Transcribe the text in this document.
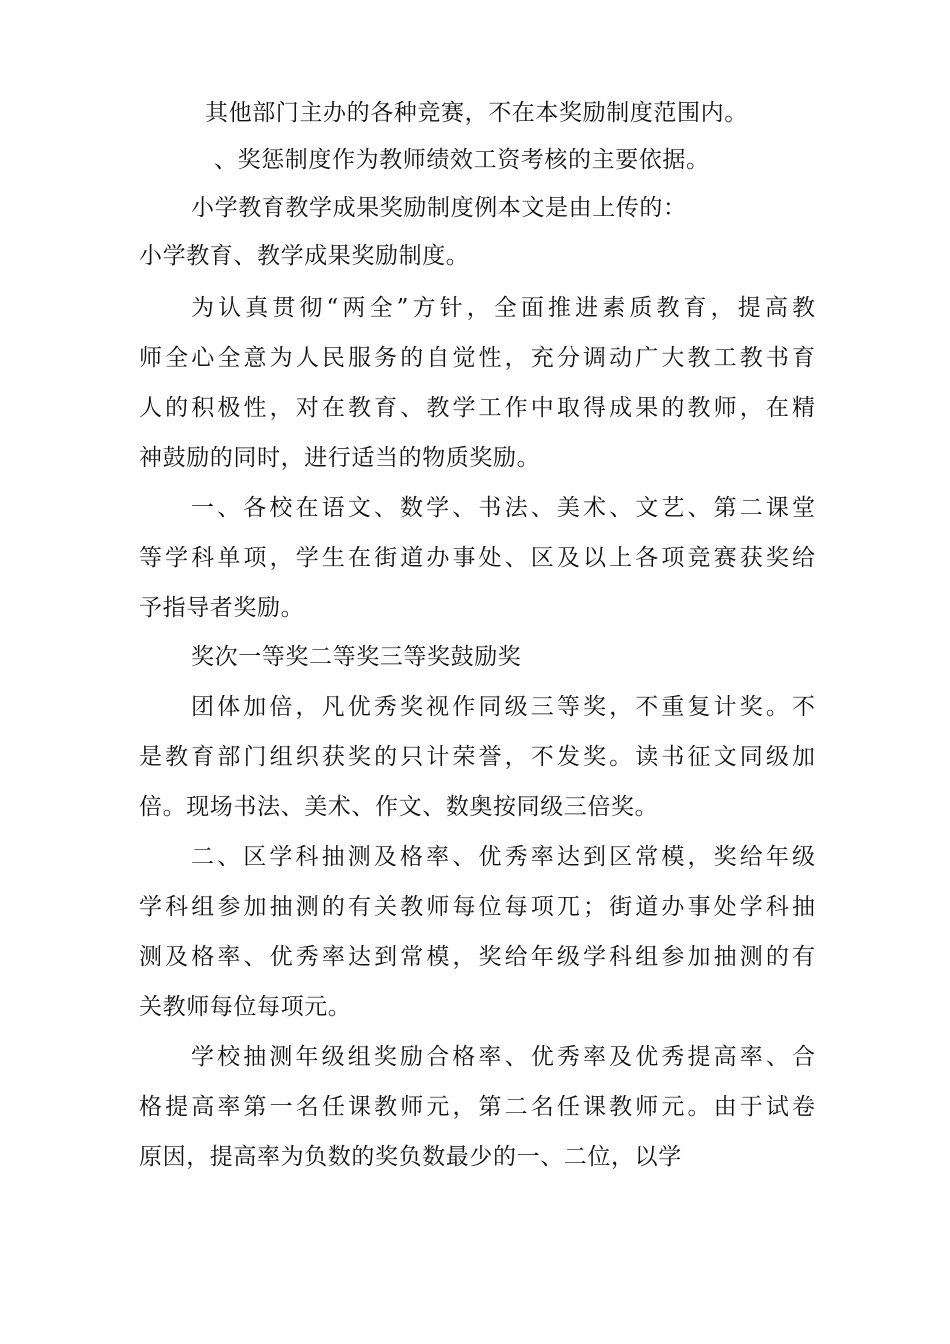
其他部门主办的各种竞赛，不在本奖励制度范围内。
、奖惩制度作为教师绩效工资考核的主要依据。
小学教育教学成果奖励制度例本文是由上传的：
小学教育、教学成果奖励制度。
为认真贯彻“两全”方针，全面推进素质教育，提高教
师全心全意为人民服务的自觉性，充分调动广大教工教书育
人的积极性，对在教育、教学工作中取得成果的教师，在精
神鼓励的同时，进行适当的物质奖励。
一、各校在语文、数学、书法、美术、文艺、第二课堂
等学科单项，学生在街道办事处、区及以上各项竞赛获奖给
予指导者奖励。
奖次一等奖二等奖三等奖鼓励奖
团体加倍，凡优秀奖视作同级三等奖，不重复计奖。不
是教育部门组织获奖的只计荣誉，不发奖。读书征文同级加
倍。现场书法、美术、作文、数奥按同级三倍奖。
二、区学科抽测及格率、优秀率达到区常模，奖给年级
学科组参加抽测的有关教师每位每项兀；街道办事处学科抽
测及格率、优秀率达到常模，奖给年级学科组参加抽测的有
关教师每位每项元。
学校抽测年级组奖励合格率、优秀率及优秀提高率、合
格提高率第一名任课教师元，第二名任课教师元。由于试卷
原因，提高率为负数的奖负数最少的一、二位，以学
